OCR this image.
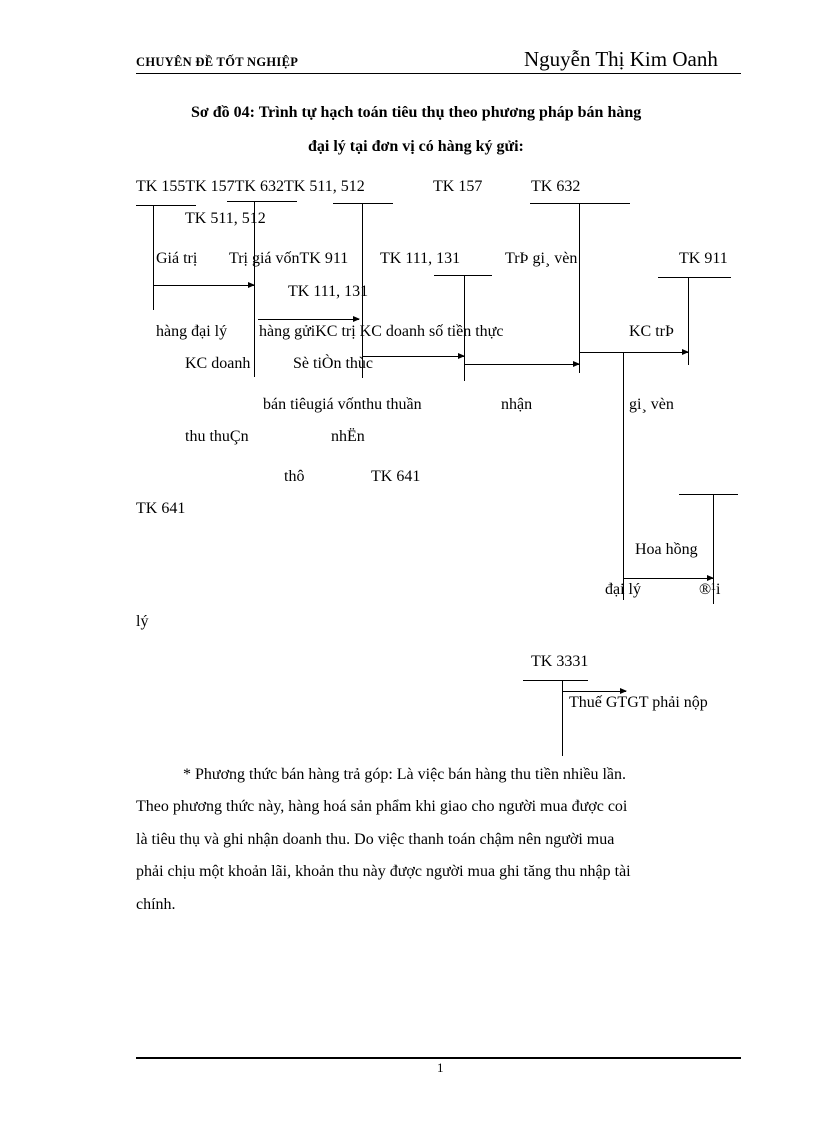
CHUYÊN ĐỀ TỐT NGHIỆP	Nguyễn Thị Kim Oanh
Sơ đồ 04: Trình tự hạch toán tiêu thụ theo phương pháp bán hàng
đại lý tại đơn vị có hàng ký gửi:
TK 155TK 157TK 632TK 511, 512	TK 157	TK 632
TK 511, 512
Giá trị Trị giá vốnTK 911 TK 111, 131	TrÞ gi¸ vèn	TK 911
TK 111, 131
hàng đại lý hàng gửiKC trị KC doanh số tiền thực	KC trÞ
KC doanh	Sè tiÒn thùc
bán tiêugiá vốnthu thuần	nhận	gi¸ vèn
thu thuÇn	nhËn
thô	TK 641
TK 641
Hoa hồng
đại lý	®¹i
lý
TK 3331
Thuế GTGT phải nộp
* Phương thức bán hàng trả góp: Là việc bán hàng thu tiền nhiều lần.
Theo phương thức này, hàng hoá sản phẩm khi giao cho người mua được coi
là tiêu thụ và ghi nhận doanh thu. Do việc thanh toán chậm nên người mua
phải chịu một khoản lãi, khoản thu này được người mua ghi tăng thu nhập tài
chính.
1
